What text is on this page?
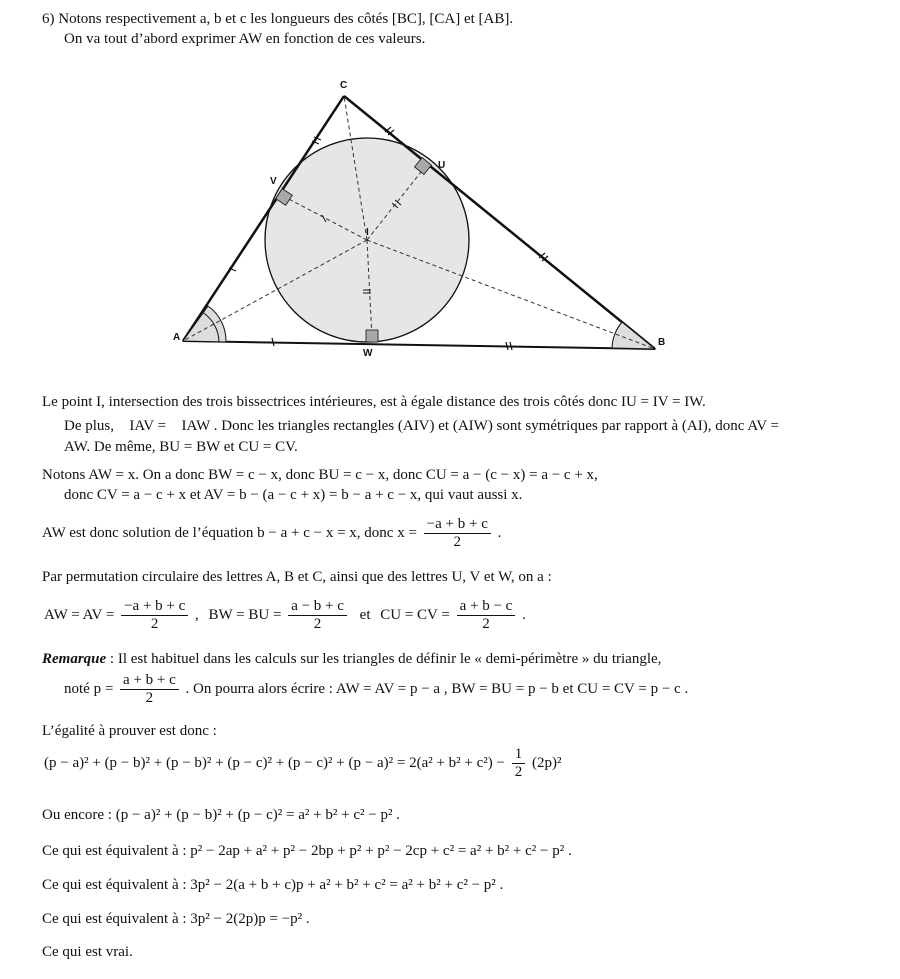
6) Notons respectivement a, b et c les longueurs des côtés [BC], [CA] et [AB].
On va tout d’abord exprimer AW en fonction de ces valeurs.
A	B
C
I
U
V
W
Le point I, intersection des trois bissectrices intérieures, est à égale distance des trois côtés donc IU = IV = IW.
De plus, IAV = IAW . Donc les triangles rectangles (AIV) et (AIW) sont symétriques par rapport à (AI), donc AV =
AW. De même, BU = BW et CU = CV.
Notons AW = x. On a donc BW = c − x, donc BU = c − x, donc CU = a − (c − x) = a − c + x,
donc CV = a − c + x et AV = b − (a − c + x) = b − a + c − x, qui vaut aussi x.
AW est donc solution de l’équation b − a + c − x = x, donc $x = \frac{-a + b + c}{2}$ .
Par permutation circulaire des lettres A, B et C, ainsi que des lettres U, V et W, on a :
AW = AV = $\frac{-a + b + c}{2}$ , BW = BU = $\frac{a - b + c}{2}$ et CU = CV = $\frac{a + b - c}{2}$ .
Remarque : Il est habituel dans les calculs sur les triangles de définir le « demi-périmètre » du triangle,
noté $p = \frac{a + b + c}{2}$ . On pourra alors écrire : AW = AV = p − a , BW = BU = p − b et CU = CV = p − c .
L’égalité à prouver est donc :
$(p - a)^2 + (p - b)^2 + (p - b)^2 + (p - c)^2 + (p - c)^2 + (p - a)^2 = 2(a^2 + b^2 + c^2) - \frac{1}{2} (2p)^2$
Ou encore : (p − a)² + (p − b)² + (p − c)² = a² + b² + c² − p² .
Ce qui est équivalent à : p² − 2ap + a² + p² − 2bp + p² + p² − 2cp + c² = a² + b² + c² − p² .
Ce qui est équivalent à : 3p² − 2(a + b + c)p + a² + b² + c² = a² + b² + c² − p² .
Ce qui est équivalent à : 3p² − 2(2p)p = −p² .
Ce qui est vrai.
